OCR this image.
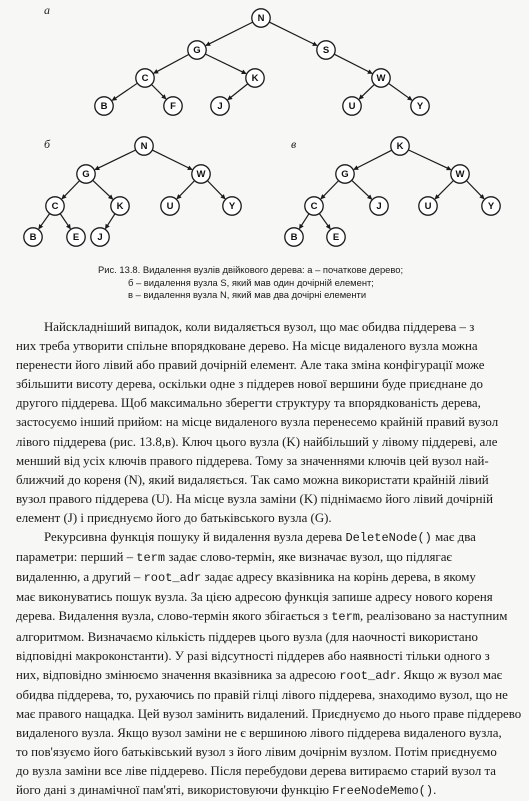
a
N
G	S
C	K	W
B	F	J	U	Y
б	N
G	W
C	K	U	Y
B	E J
в	K
G	W
C	J	U	Y
B	E
Рис. 13.8. Видалення вузлів двійкового дерева: а – початкове дерево;
б – видалення вузла S, який мав один дочірній елемент;
в – видалення вузла N, який мав два дочірні елементи
Найскладніший випадок, коли видаляється вузол, що має обидва піддерева – з
них треба утворити спільне впорядковане дерево. На місце видаленого вузла можна
перенести його лівий або правий дочірній елемент. Але така зміна конфігурації може
збільшити висоту дерева, оскільки одне з піддерев нової вершини буде приєднане до
другого піддерева. Щоб максимально зберегти структуру та впорядкованість дерева,
застосуємо інший прийом: на місце видаленого вузла перенесемо крайній правий вузол
лівого піддерева (рис. 13.8,в). Ключ цього вузла (K) найбільший у лівому піддереві, але
менший від усіх ключів правого піддерева. Тому за значеннями ключів цей вузол най-
ближчий до кореня (N), який видаляється. Так само можна використати крайній лівий
вузол правого піддерева (U). На місце вузла заміни (K) піднімаємо його лівий дочірній
елемент (J) і приєднуємо його до батьківського вузла (G).
Рекурсивна функція пошуку й видалення вузла дерева DeleteNode() має два
параметри: перший – term задає слово-термін, яке визначає вузол, що підлягає
видаленню, а другий – root_adr задає адресу вказівника на корінь дерева, в якому
має виконуватись пошук вузла. За цією адресою функція запише адресу нового кореня
дерева. Видалення вузла, слово-термін якого збігається з term, реалізовано за наступним
алгоритмом. Визначаємо кількість піддерев цього вузла (для наочності використано
відповідні макроконстанти). У разі відсутності піддерев або наявності тільки одного з
них, відповідно змінюємо значення вказівника за адресою root_adr. Якщо ж вузол має
обидва піддерева, то, рухаючись по правій гілці лівого піддерева, знаходимо вузол, що не
має правого нащадка. Цей вузол замінить видалений. Приєднуємо до нього праве піддерево
видаленого вузла. Якщо вузол заміни не є вершиною лівого піддерева видаленого вузла,
то пов'язуємо його батьківський вузол з його лівим дочірнім вузлом. Потім приєднуємо
до вузла заміни все ліве піддерево. Після перебудови дерева витираємо старий вузол та
його дані з динамічної пам'яті, використовуючи функцію FreeNodeMemo().
